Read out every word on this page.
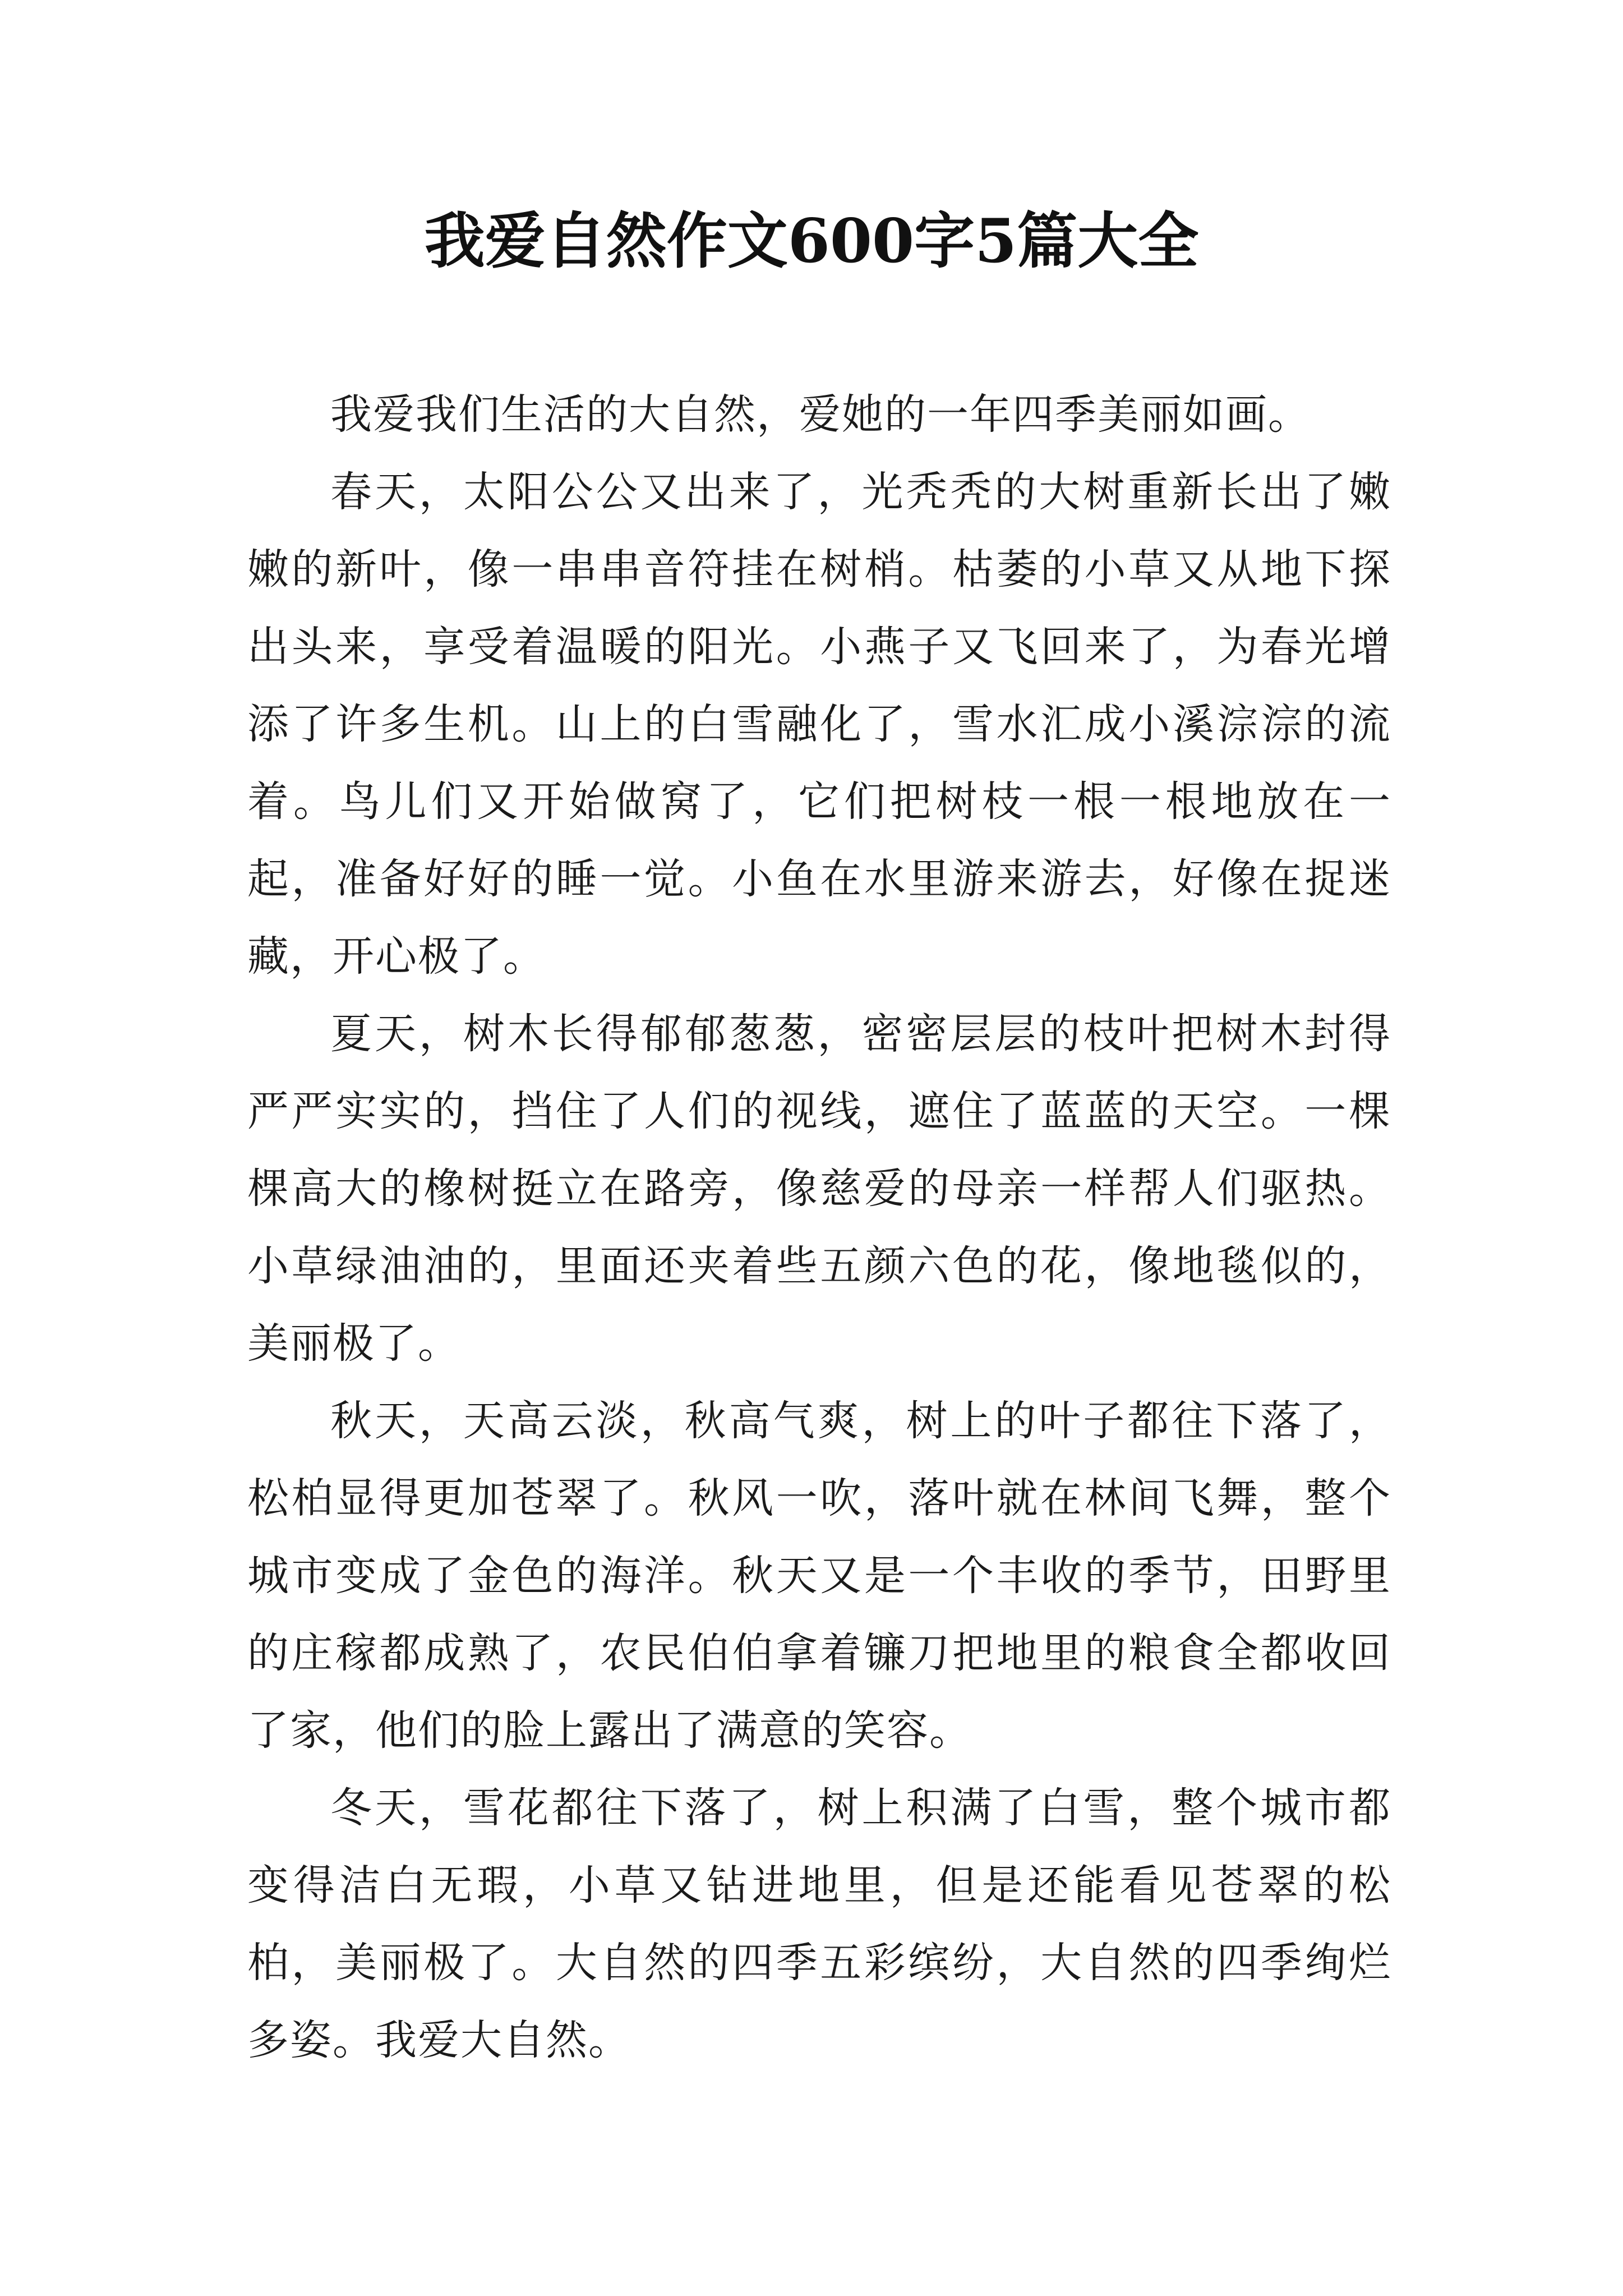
我爱自然作文600字5篇大全

我爱我们生活的大自然，爱她的一年四季美丽如画。

春天，太阳公公又出来了，光秃秃的大树重新长出了嫩嫩的新叶，像一串串音符挂在树梢。枯萎的小草又从地下探出头来，享受着温暖的阳光。小燕子又飞回来了，为春光增添了许多生机。山上的白雪融化了，雪水汇成小溪淙淙的流着。鸟儿们又开始做窝了，它们把树枝一根一根地放在一起，准备好好的睡一觉。小鱼在水里游来游去，好像在捉迷藏，开心极了。

夏天，树木长得郁郁葱葱，密密层层的枝叶把树木封得严严实实的，挡住了人们的视线，遮住了蓝蓝的天空。一棵棵高大的橡树挺立在路旁，像慈爱的母亲一样帮人们驱热。小草绿油油的，里面还夹着些五颜六色的花，像地毯似的，美丽极了。

秋天，天高云淡，秋高气爽，树上的叶子都往下落了，松柏显得更加苍翠了。秋风一吹，落叶就在林间飞舞，整个城市变成了金色的海洋。秋天又是一个丰收的季节，田野里的庄稼都成熟了，农民伯伯拿着镰刀把地里的粮食全都收回了家，他们的脸上露出了满意的笑容。

冬天，雪花都往下落了，树上积满了白雪，整个城市都变得洁白无瑕，小草又钻进地里，但是还能看见苍翠的松柏，美丽极了。大自然的四季五彩缤纷，大自然的四季绚烂多姿。我爱大自然。
